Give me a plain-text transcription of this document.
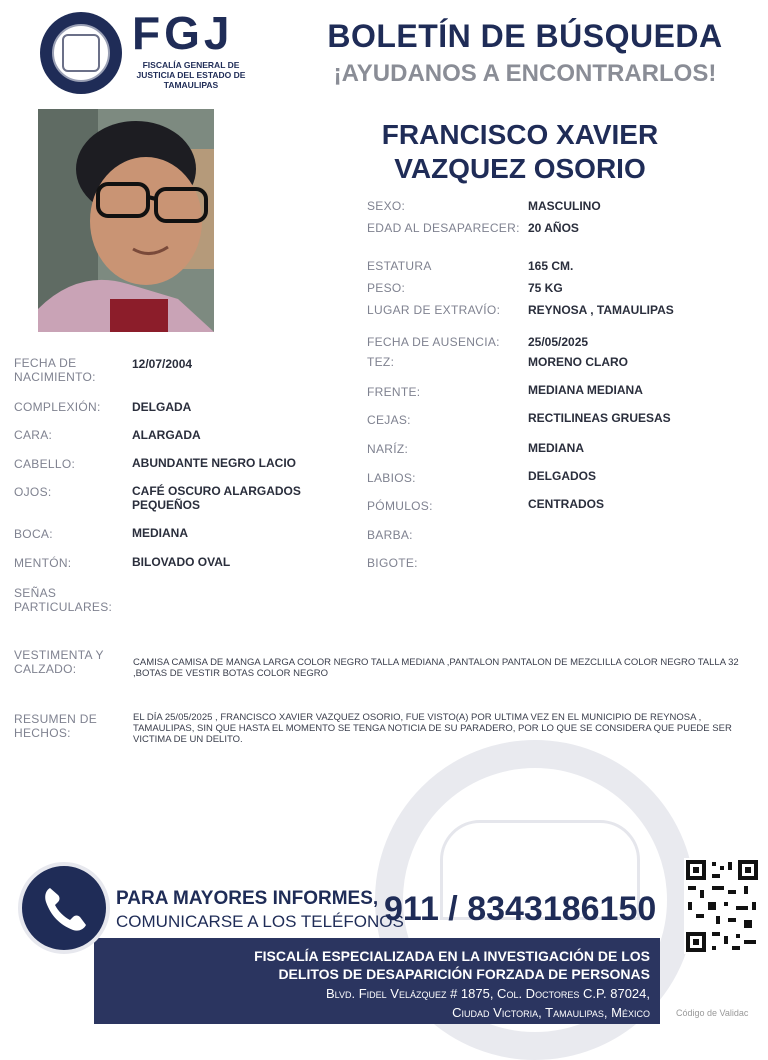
FGJ
FISCALÍA GENERAL DE JUSTICIA DEL ESTADO DE TAMAULIPAS
BOLETÍN DE BÚSQUEDA
¡AYUDANOS A ENCONTRARLOS!
FRANCISCO XAVIER
VAZQUEZ OSORIO
SEXO:	MASCULINO
EDAD AL DESAPARECER: 20 AÑOS
ESTATURA	165 CM.
PESO:	75 KG
LUGAR DE EXTRAVÍO:	REYNOSA , TAMAULIPAS
FECHA DE AUSENCIA:	25/05/2025
TEZ:	MORENO CLARO
FRENTE:	MEDIANA MEDIANA
CEJAS:	RECTILINEAS GRUESAS
NARÍZ:	MEDIANA
LABIOS:	DELGADOS
PÓMULOS:	CENTRADOS
BARBA:
BIGOTE:
FECHA DE NACIMIENTO:
12/07/2004
COMPLEXIÓN:	DELGADA
CARA:	ALARGADA
CABELLO:	ABUNDANTE NEGRO LACIO
OJOS:	CAFÉ OSCURO ALARGADOS PEQUEÑOS
BOCA:	MEDIANA
MENTÓN:	BILOVADO OVAL
SEÑAS PARTICULARES:
VESTIMENTA Y CALZADO:	CAMISA CAMISA DE MANGA LARGA COLOR NEGRO TALLA MEDIANA ,PANTALON PANTALON DE MEZCLILLA COLOR NEGRO TALLA 32 ,BOTAS DE VESTIR BOTAS COLOR NEGRO
RESUMEN DE HECHOS:
EL DÍA 25/05/2025 , FRANCISCO XAVIER VAZQUEZ OSORIO, FUE VISTO(A) POR ULTIMA VEZ EN EL MUNICIPIO DE REYNOSA , TAMAULIPAS, SIN QUE HASTA EL MOMENTO SE TENGA NOTICIA DE SU PARADERO, POR LO QUE SE CONSIDERA QUE PUEDE SER VICTIMA DE UN DELITO.
PARA MAYORES INFORMES,
COMUNICARSE A LOS TELÉFONOS
911 / 8343186150
FISCALÍA ESPECIALIZADA EN LA INVESTIGACIÓN DE LOS
DELITOS DE DESAPARICIÓN FORZADA DE PERSONAS
Blvd. Fidel Velázquez # 1875, Col. Doctores C.P. 87024,
Ciudad Victoria, Tamaulipas, México	Código de Validac
